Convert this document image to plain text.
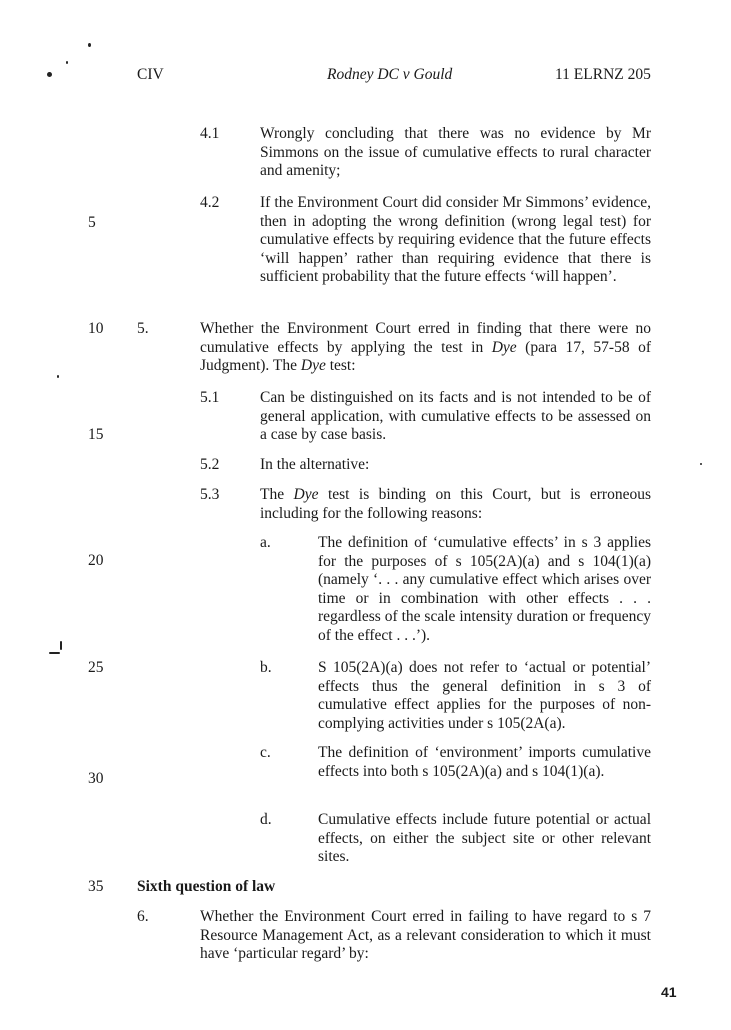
CIV	Rodney DC v Gould	11 ELRNZ 205
5
10
15
20
25
30
35
4.1	Wrongly concluding that there was no evidence by Mr Simmons on the issue of cumulative effects to rural character and amenity;
4.2	If the Environment Court did consider Mr Simmons’ evidence, then in adopting the wrong definition (wrong legal test) for cumulative effects by requiring evidence that the future effects ‘will happen’ rather than requiring evidence that there is sufficient probability that the future effects ‘will happen’.
5.	Whether the Environment Court erred in finding that there were no cumulative effects by applying the test in Dye (para 17, 57-58 of Judgment). The Dye test:
5.1	Can be distinguished on its facts and is not intended to be of general application, with cumulative effects to be assessed on a case by case basis.
5.2	In the alternative:
5.3	The Dye test is binding on this Court, but is erroneous including for the following reasons:
a.	The definition of ‘cumulative effects’ in s 3 applies for the purposes of s 105(2A)(a) and s 104(1)(a) (namely ‘. . . any cumulative effect which arises over time or in combination with other effects . . . regardless of the scale intensity duration or frequency of the effect . . .’).
b.	S 105(2A)(a) does not refer to ‘actual or potential’ effects thus the general definition in s 3 of cumulative effect applies for the purposes of non-complying activities under s 105(2A(a).
c.	The definition of ‘environment’ imports cumulative effects into both s 105(2A)(a) and s 104(1)(a).
d.	Cumulative effects include future potential or actual effects, on either the subject site or other relevant sites.
Sixth question of law
6.	Whether the Environment Court erred in failing to have regard to s 7 Resource Management Act, as a relevant consideration to which it must have ‘particular regard’ by:
41
